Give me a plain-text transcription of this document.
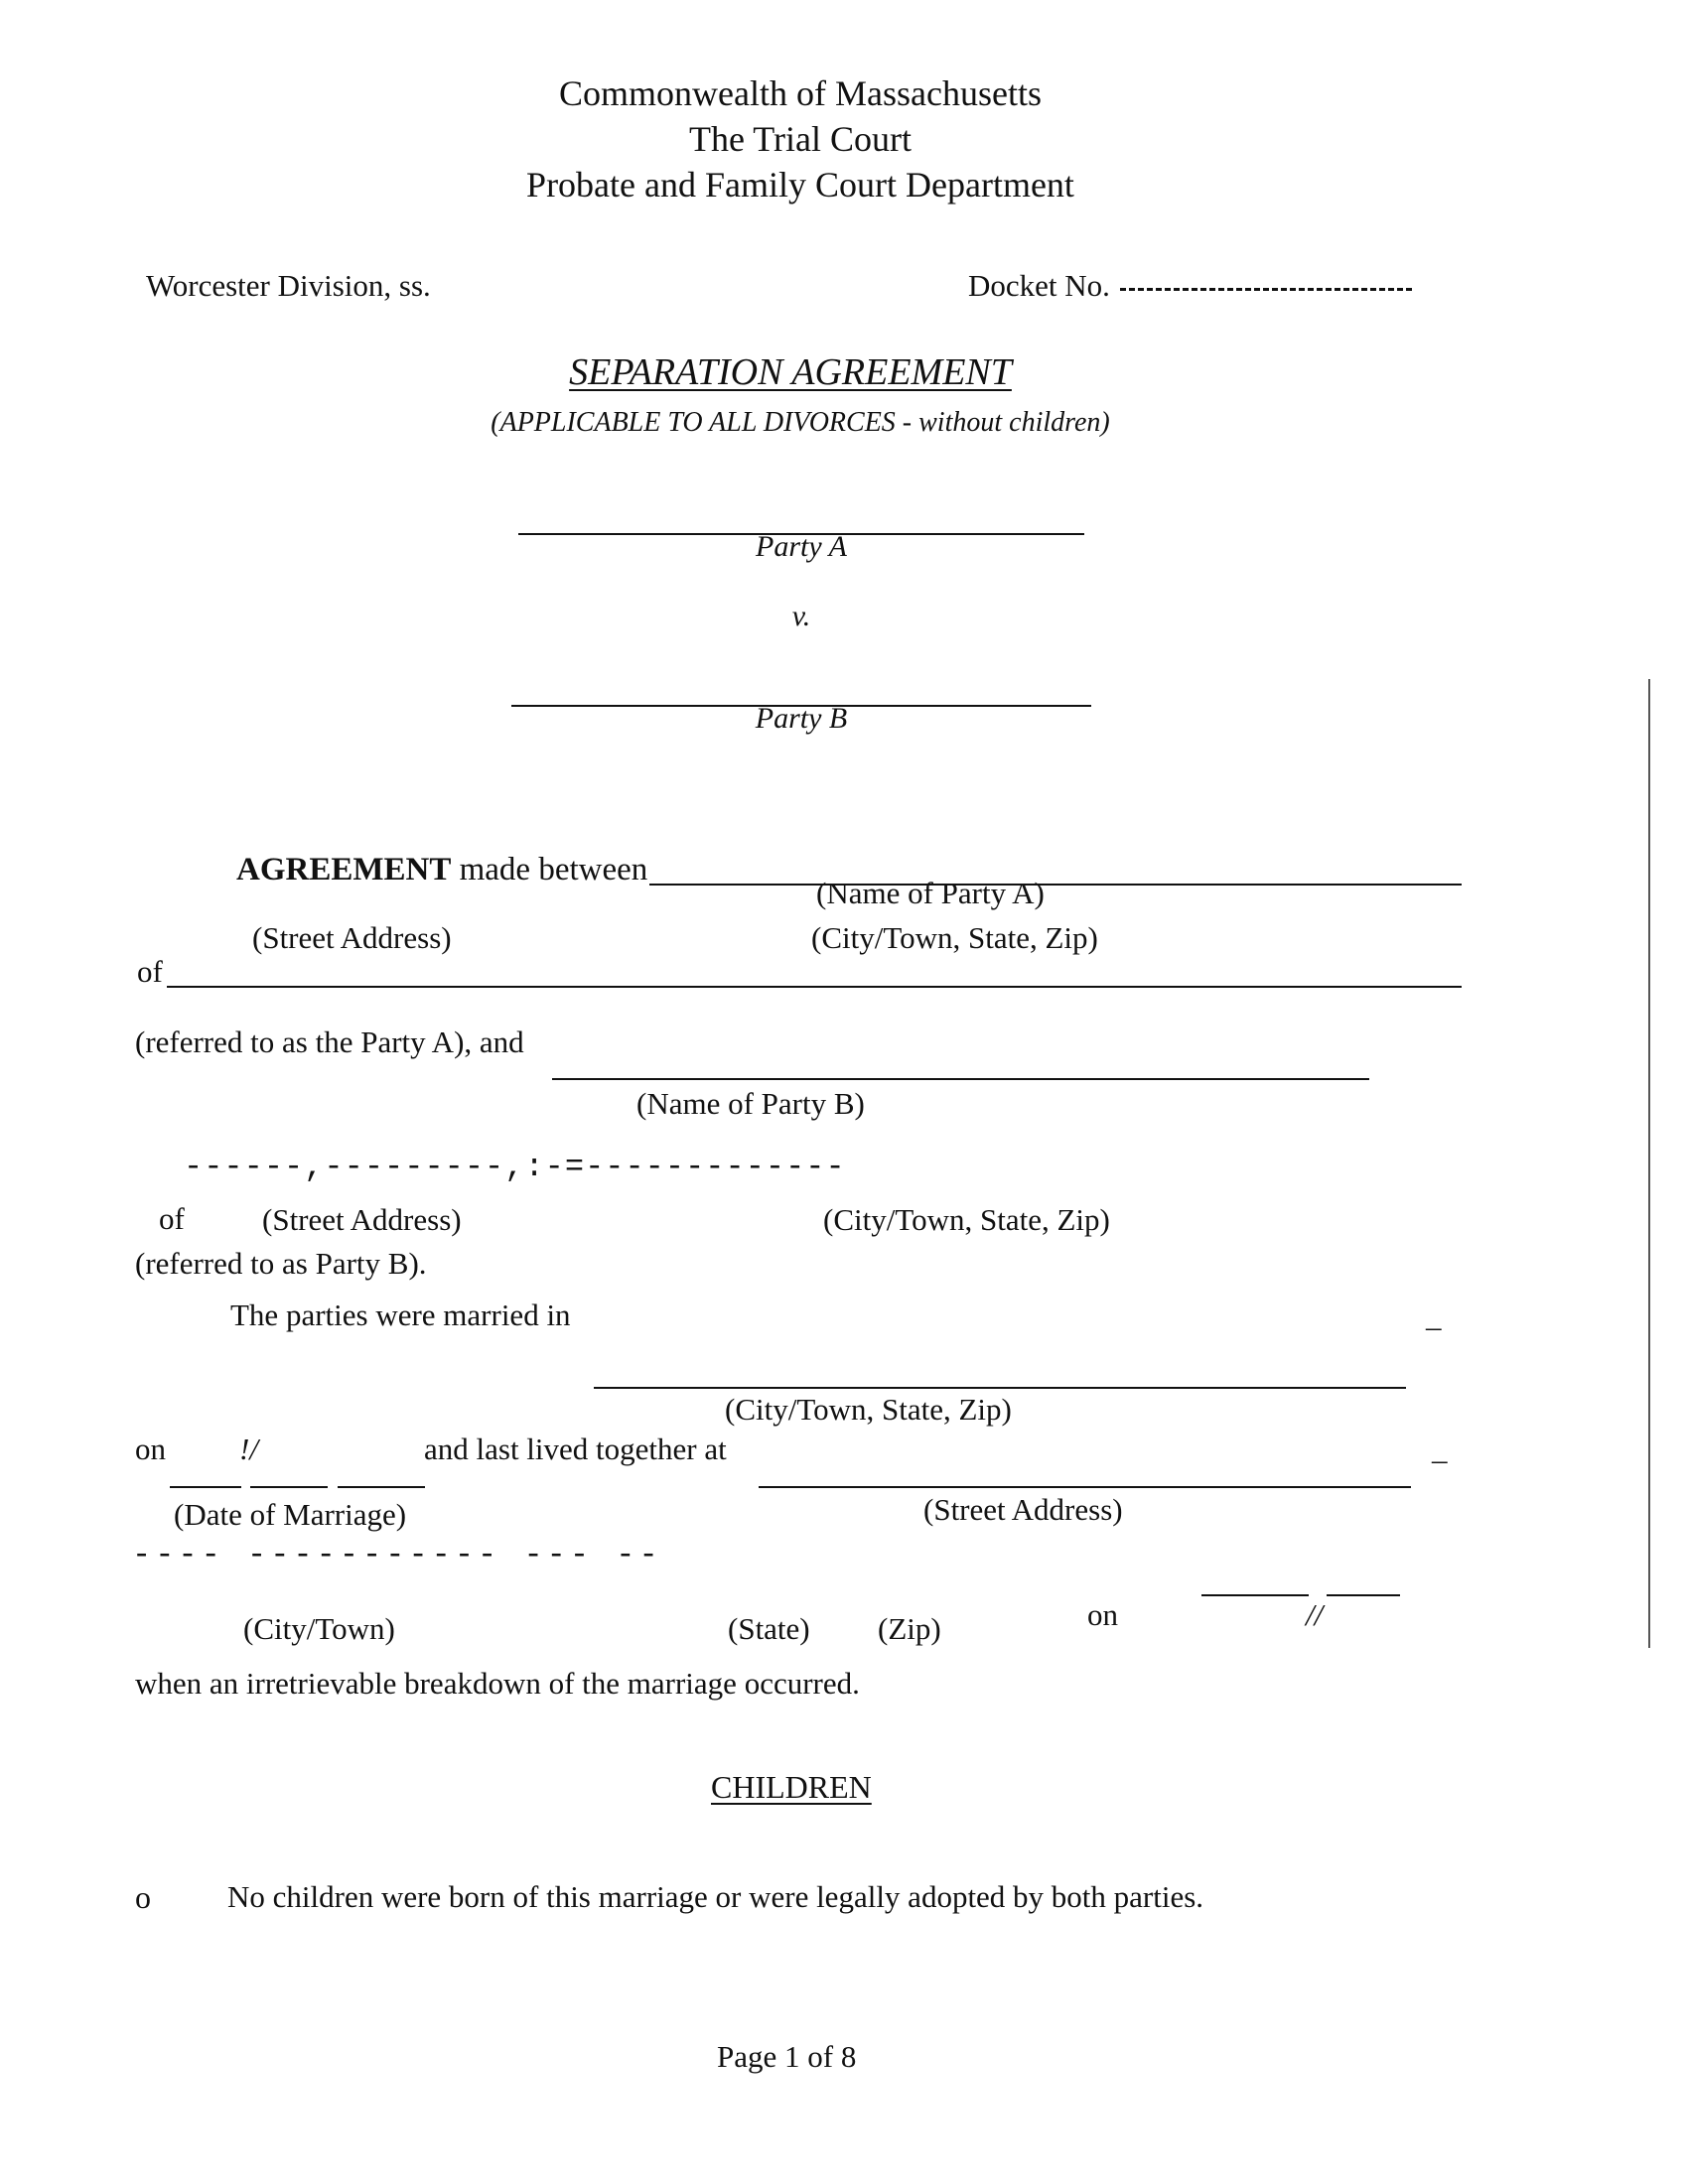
Commonwealth of Massachusetts
The Trial Court
Probate and Family Court Department
Worcester Division, ss.	Docket No.
SEPARATION AGREEMENT
(APPLICABLE TO ALL DIVORCES - without children)
Party A
v.
Party B
AGREEMENT made between
(Name of Party A)
(Street Address)	(City/Town, State, Zip)
of
(referred to as the Party A), and
(Name of Party B)
------,---------,:-=-------------
of	(Street Address)	(City/Town, State, Zip)
(referred to as Party B).
The parties were married in	_
(City/Town, State, Zip)
on !/	and last lived together at	_
(Date of Marriage)	(Street Address)
---- ----------- --- --
(City/Town)	(State) (Zip)	on	//
when an irretrievable breakdown of the marriage occurred.
CHILDREN
o No children were born of this marriage or were legally adopted by both parties.
Page 1 of 8
